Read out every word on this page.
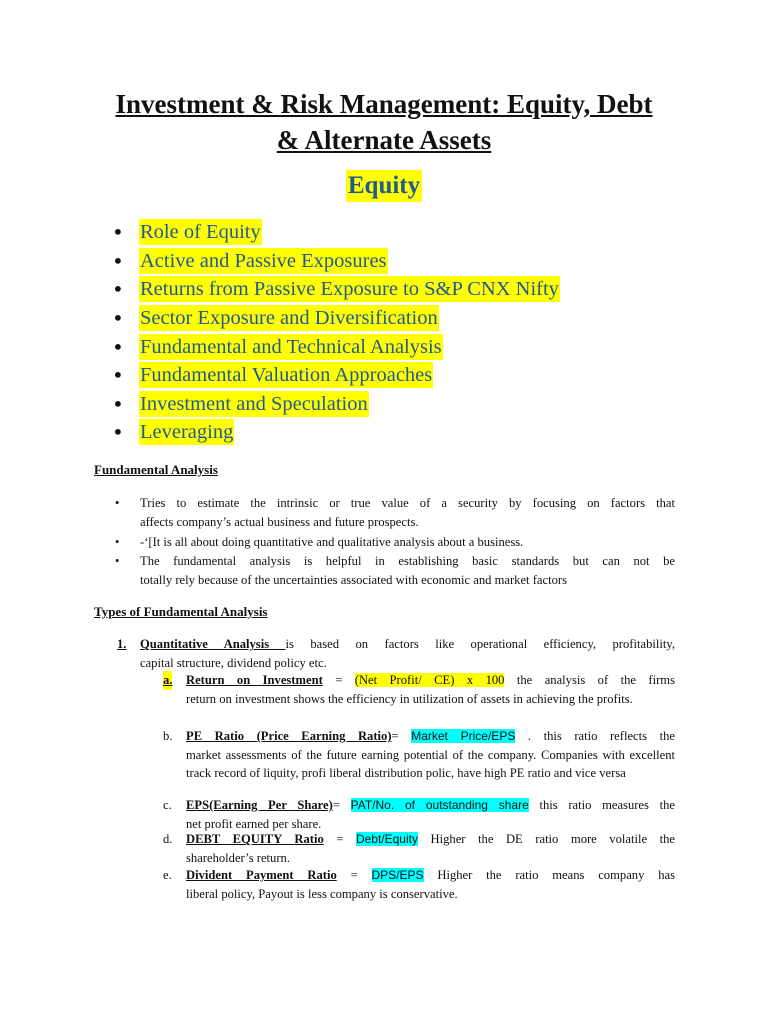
Investment & Risk Management: Equity, Debt
& Alternate Assets
Equity
• Role of Equity
• Active and Passive Exposures
• Returns from Passive Exposure to S&P CNX Nifty
• Sector Exposure and Diversification
• Fundamental and Technical Analysis
• Fundamental Valuation Approaches
• Investment and Speculation
• Leveraging
Fundamental Analysis
• Tries to estimate the intrinsic or true value of a security by focusing on factors that
affects company’s actual business and future prospects.
• -‘[It is all about doing quantitative and qualitative analysis about a business.
• The fundamental analysis is helpful in establishing basic standards but can not be
totally rely because of the uncertainties associated with economic and market factors
Types of Fundamental Analysis
1. Quantitative Analysis is based on factors like operational efficiency, profitability,
capital structure, dividend policy etc.
a. Return on Investment = (Net Profit/ CE) x 100 the analysis of the firms
return on investment shows the efficiency in utilization of assets in achieving the profits.
b. PE Ratio (Price Earning Ratio)= Market Price/EPS . this ratio reflects the
market assessments of the future earning potential of the company. Companies with excellent track record of liquity, profi liberal distribution polic, have high PE ratio and vice versa
c. EPS(Earning Per Share)= PAT/No. of outstanding share this ratio measures the
net profit earned per share.
d. DEBT EQUITY Ratio = Debt/Equity Higher the DE ratio more volatile the
shareholder’s return.
e. Divident Payment Ratio = DPS/EPS Higher the ratio means company has
liberal policy, Payout is less company is conservative.
